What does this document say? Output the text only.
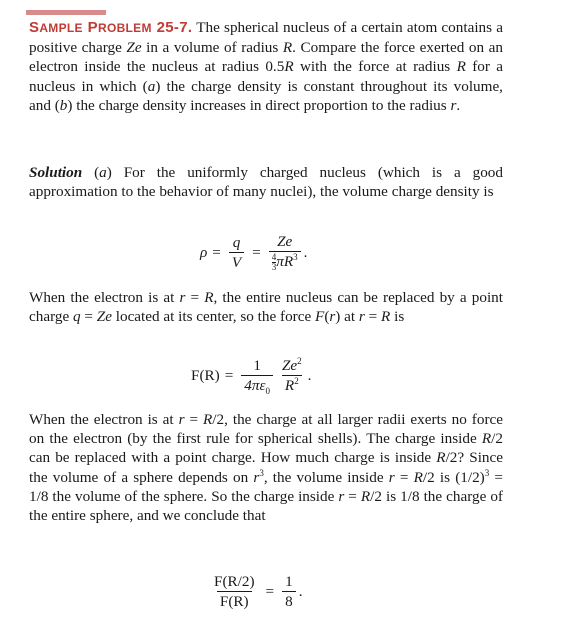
SAMPLE PROBLEM 25-7. The spherical nucleus of a certain atom contains a positive charge Ze in a volume of radius R. Compare the force exerted on an electron inside the nucleus at radius 0.5R with the force at radius R for a nucleus in which (a) the charge density is constant throughout its volume, and (b) the charge density increases in direct proportion to the radius r.
Solution (a) For the uniformly charged nucleus (which is a good approximation to the behavior of many nuclei), the volume charge density is
$\rho = \frac{q}{V} = \frac{Ze}{\frac{4}{3} \pi R^3}$ .
When the electron is at r = R, the entire nucleus can be replaced by a point charge q = Ze located at its center, so the force F(r) at r = R is
$F(R) = \frac{1}{4\pi\varepsilon_0} \frac{Ze^2}{R^2}$ .
When the electron is at r = R/2, the charge at all larger radii exerts no force on the electron (by the first rule for spherical shells). The charge inside R/2 can be replaced with a point charge. How much charge is inside R/2? Since the volume of a sphere depends on $r^3$, the volume inside r = R/2 is $(1/2)^3 = 1/8$ the volume of the sphere. So the charge inside r = R/2 is 1/8 the charge of the entire sphere, and we conclude that
$\frac{F(R/2)}{F(R)} = \frac{1}{8}$ .
